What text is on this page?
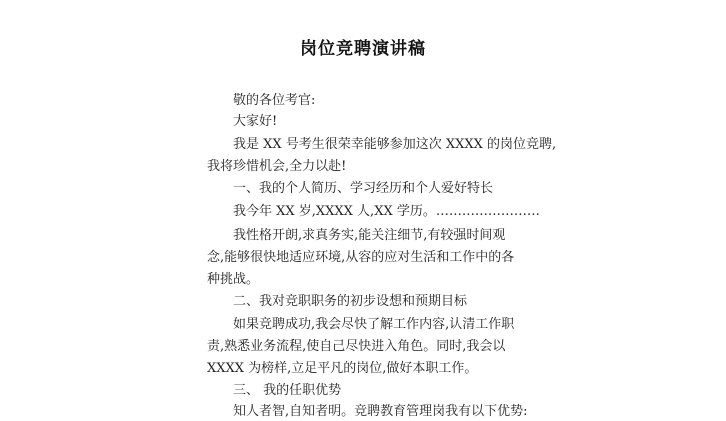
岗位竞聘演讲稿
敬的各位考官:
大家好!
我是 XX 号考生很荣幸能够参加这次 XXXX 的岗位竞聘,
我将珍惜机会,全力以赴!
一、我的个人简历、学习经历和个人爱好特长
我今年 XX 岁,XXXX 人,XX 学历。……………………
我性格开朗,求真务实,能关注细节,有较强时间观
念,能够很快地适应环境,从容的应对生活和工作中的各
种挑战。
二、我对竞职职务的初步设想和预期目标
如果竞聘成功,我会尽快了解工作内容,认清工作职
责,熟悉业务流程,使自己尽快进入角色。同时,我会以
XXXX 为榜样,立足平凡的岗位,做好本职工作。
三、 我的任职优势
知人者智,自知者明。竞聘教育管理岗我有以下优势:
